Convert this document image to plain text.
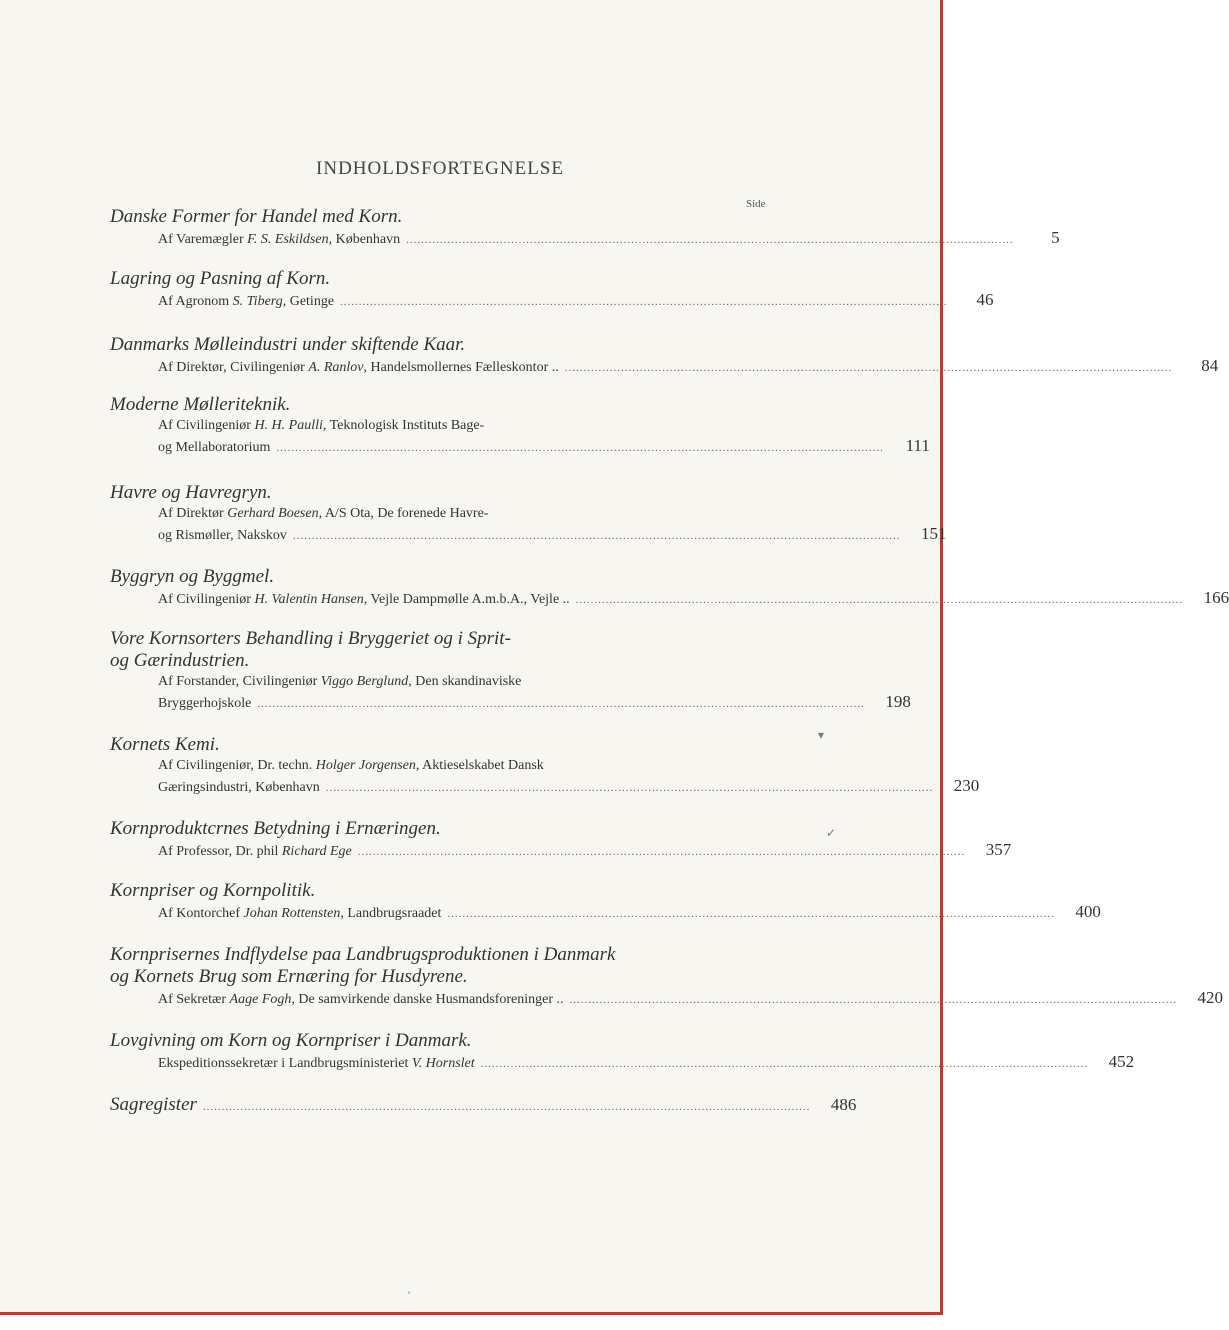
INDHOLDSFORTEGNELSE
Side
Danske Former for Handel med Korn.
Af Varemægler F. S. Eskildsen, København ..................................................................................................................................................................	5
Lagring og Pasning af Korn.
Af Agronom S. Tiberg, Getinge ..................................................................................................................................................................	46
Danmarks Mølleindustri under skiftende Kaar.
Af Direktør, Civilingeniør A. Ranlov, Handelsmollernes Fælleskontor .. ..................................................................................................................................................................	84
Moderne Mølleriteknik.
Af Civilingeniør H. H. Paulli, Teknologisk Instituts Bage-
og Mellaboratorium ..................................................................................................................................................................	111
Havre og Havregryn.
Af Direktør Gerhard Boesen, A/S Ota, De forenede Havre-
og Rismøller, Nakskov ..................................................................................................................................................................	151
Byggryn og Byggmel.
Af Civilingeniør H. Valentin Hansen, Vejle Dampmølle A.m.b.A., Vejle .. ..................................................................................................................................................................	166
Vore Kornsorters Behandling i Bryggeriet og i Sprit-
og Gærindustrien.
Af Forstander, Civilingeniør Viggo Berglund, Den skandinaviske
Bryggerhojskole ..................................................................................................................................................................	198
Kornets Kemi.
Af Civilingeniør, Dr. techn. Holger Jorgensen, Aktieselskabet Dansk
Gæringsindustri, København ..................................................................................................................................................................	230
Kornproduktcrnes Betydning i Ernæringen.
Af Professor, Dr. phil Richard Ege ..................................................................................................................................................................	357
Kornpriser og Kornpolitik.
Af Kontorchef Johan Rottensten, Landbrugsraadet ..................................................................................................................................................................	400
Kornprisernes Indflydelse paa Landbrugsproduktionen i Danmark
og Kornets Brug som Ernæring for Husdyrene.
Af Sekretær Aage Fogh, De samvirkende danske Husmandsforeninger .. ..................................................................................................................................................................	420
Lovgivning om Korn og Kornpriser i Danmark.
Ekspeditionssekretær i Landbrugsministeriet V. Hornslet ..................................................................................................................................................................	452
Sagregister ..................................................................................................................................................................	486
▾
✓
'
